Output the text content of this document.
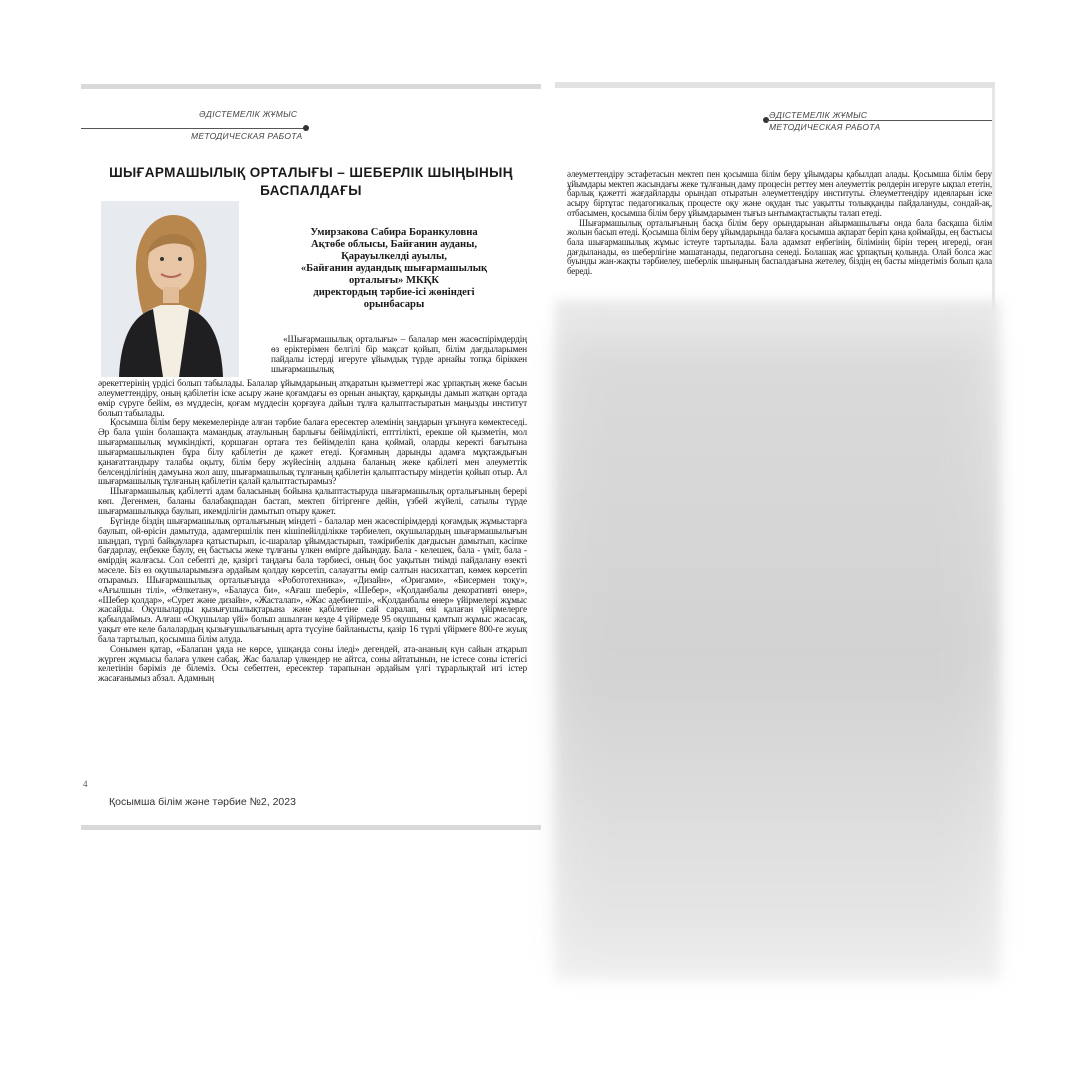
ӘДІСТЕМЕЛІК ЖҰМЫС
МЕТОДИЧЕСКАЯ РАБОТА
ШЫҒАРМАШЫЛЫҚ ОРТАЛЫҒЫ – ШЕБЕРЛІК ШЫҢЫНЫҢ
БАСПАЛДАҒЫ
Умирзакова Сабира Боранкуловна
Ақтөбе облысы, Байғанин ауданы,
Қарауылкелді ауылы,
«Байғанин аудандық шығармашылық
орталығы» МКҚК
директордың тәрбие-ісі жөніндегі
орынбасары

«Шығармашылық орталығы» – балалар мен жасөспірімдердің өз еріктерімен белгілі бір мақсат қойып, білім дағдыларымен пайдалы істерді игеруге ұйымдық түрде арнайы топқа біріккен шығармашылық

әрекеттерінің үрдісі болып табылады. Балалар ұйымдарының атқаратын қызметтері жас ұрпақтың жеке басын әлеуметтендіру, оның қабілетін іске асыру және қоғамдағы өз орнын анықтау, қарқынды дамып жатқан ортада өмір сүруге бейім, өз мүддесін, қоғам мүддесін қорғауға дайын тұлға қалыптастыратын маңызды институт болып табылады.

Қосымша білім беру мекемелерінде алған тәрбие балаға ересектер әлемінің заңдарын ұғынуға көмектеседі. Әр бала үшін болашақта мамандық атаулының барлығы бейімділікті, епттілікті, ерекше ой қызметін, мол шығармашылық мүмкіндікті, қоршаған ортаға тез бейімделіп қана қоймай, оларды керекті бағытына шығармашылықпен бұра білу қабілетін де қажет етеді. Қоғамның дарынды адамға мұқтаждығын қанағаттандыру талабы оқыту, білім беру жүйесінің алдына баланың жеке қабілеті мен әлеуметтік белсенділігінің дамуына жол ашу, шығармашылық тұлғаның қабілетін қалыптастыру міндетін қойып отыр. Ал шығармашылық тұлғаның қабілетін қалай қалыптастырамыз?

Шығармашылық қабілетті адам баласының бойына қалыптастыруда шығармашылық орталығының берері көп. Дегенмен, баланы балабақшадан бастап, мектеп бітіргенге дейін, үзбей жүйелі, сатылы түрде шығармашылыққа баулып, икемділігін дамытып отыру қажет.

Бүгінде біздің шығармашылық орталығының міндеті - балалар мен жасөспірімдерді қоғамдық жұмыстарға баулып, ой-өрісін дамытуда, адамгершілік пен кішіпейілділікке тәрбиелеп, оқушылардың шығармашылығын шыңдап, түрлі байқауларға қатыстырып, іс-шаралар ұйымдастырып, тәжірибелік дағдысын дамытып, кәсіпке бағдарлау, еңбекке баулу, ең бастысы жеке тұлғаны үлкен өмірге дайындау. Бала - келешек, бала - үміт, бала - өмірдің жалғасы. Сол себепті де, қазіргі таңдағы бала тәрбиесі, оның бос уақытын тиімді пайдалану өзекті мәселе. Біз өз оқушыларымызға әрдайым қолдау көрсетіп, салауатты өмір салтын насихаттап, көмек көрсетіп отырамыз. Шығармашылық орталығында «Робототехника», «Дизайн», «Оригами», «Бисермен тоқу», «Ағылшын тілі», «Өлкетану», «Балауса би», «Ағаш шебері», «Шебер», «Қолданбалы декоративті өнер», «Шебер қолдар», «Сурет және дизайн», «Жасталап», «Жас әдебиетші», «Қолданбалы өнер» үйірмелері жұмыс жасайды. Оқушыларды қызығушылықтарына және қабілетіне сай саралап, өзі қалаған үйірмелерге қабылдаймыз. Алғаш «Оқушылар үйі» болып ашылған кезде 4 үйірмеде 95 оқушыны қамтып жұмыс жасасақ, уақыт өте келе балалардың қызығушылығының арта түсуіне байланысты, қазір 16 түрлі үйірмеге 800-ге жуық бала тартылып, қосымша білім алуда.

Сонымен қатар, «Балапан ұяда не көрсе, ұшқанда соны іледі» дегендей, ата-ананың күн сайын атқарып жүрген жұмысы балаға үлкен сабақ. Жас балалар үлкендер не айтса, соны айтатынын, не істесе соны істегісі келетінін бәріміз де білеміз. Осы себептен, ересектер тарапынан әрдайым үлгі тұрарлықтай игі істер жасағанымыз абзал. Адамның

4
Қосымша білім және тәрбие №2, 2023
ӘДІСТЕМЕЛІК ЖҰМЫС
МЕТОДИЧЕСКАЯ РАБОТА

әлеуметтендіру эстафетасын мектеп пен қосымша білім беру ұйымдары қабылдап алады. Қосымша білім беру ұйымдары мектеп жасындағы жеке тұлғаның даму процесін реттеу мен әлеуметтік рөлдерін игеруге ықпал ететін, барлық қажетті жағдайларды орындап отыратын әлеуметтендіру институты. Әлеуметтендіру идеяларын іске асыру біртұтас педагогикалық процесте оқу және оқудан тыс уақытты толыққанды пайдалануды, сондай-ақ, отбасымен, қосымша білім беру ұйымдарымен тығыз ынтымақтастықты талап етеді.

Шығармашылық орталығының басқа білім беру орындарынан айырмашылығы онда бала басқаша білім жолын басып өтеді. Қосымша білім беру ұйымдарында балаға қосымша ақпарат беріп қана қоймайды, ең бастысы бала шығармашылық жұмыс істеуге тартылады. Бала адамзат еңбегінің, білімінің бірін терең игереді, оған дағдыланады, өз шеберлігіне машатанады, педагогына сенеді. Болашақ жас ұрпақтың қолында. Олай болса жас буынды жан-жақты тәрбиелеу, шеберлік шыңының баспалдағына жетелеу, біздің ең басты міндетіміз болып қала береді.
